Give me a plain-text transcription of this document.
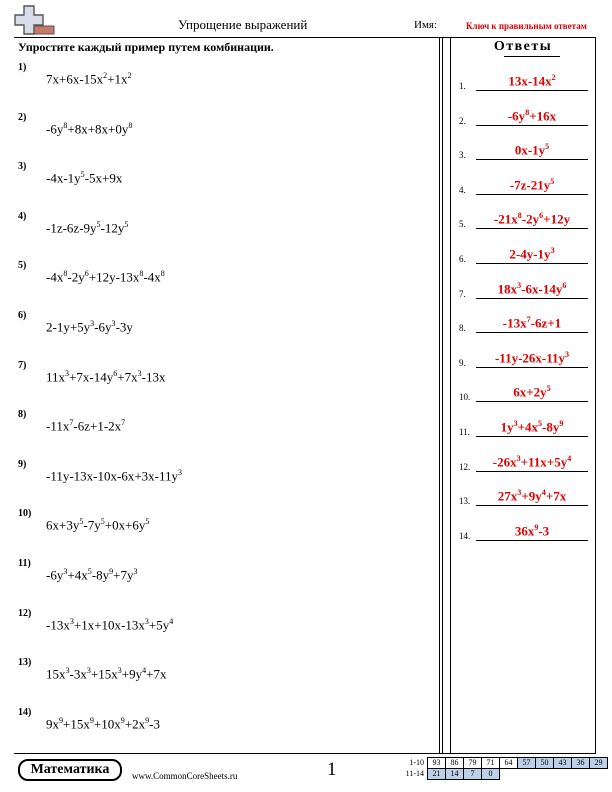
Упрощение выражений	Имя:	Ключ к правильным ответам
Упростите каждый пример путем комбинации.	Ответы
1)
$7x+6x-15x^2+1x^2$
2)
$-6y^8+8x+8x+0y^8$
3)
$-4x-1y^5-5x+9x$
4)
$-1z-6z-9y^5-12y^5$
5)
$-4x^8-2y^6+12y-13x^8-4x^8$
6)
$2-1y+5y^3-6y^3-3y$
7)
$11x^3+7x-14y^6+7x^3-13x$
8)
$-11x^7-6z+1-2x^7$
9)
$-11y-13x-10x-6x+3x-11y^3$
10)
$6x+3y^5-7y^5+0x+6y^5$
11)
$-6y^3+4x^5-8y^9+7y^3$
12)
$-13x^3+1x+10x-13x^3+5y^4$
13)
$15x^3-3x^3+15x^3+9y^4+7x$
14)
$9x^9+15x^9+10x^9+2x^9-3$
1.	$13x-14x^2$
2.	$-6y^8+16x$
3.	$0x-1y^5$
4.	$-7z-21y^5$
5.	$-21x^8-2y^6+12y$
6.	$2-4y-1y^3$
7.	$18x^3-6x-14y^6$
8.	$-13x^7-6z+1$
9.	$-11y-26x-11y^3$
10.	$6x+2y^5$
11.	$1y^3+4x^5-8y^9$
12.	$-26x^3+11x+5y^4$
13.	$27x^3+9y^4+7x$
14.	$36x^9-3$
Математика	www.CommonCoreSheets.ru	1	1-10	93	86	79	71	64	57	50	43	36	29
11-14	21	14	7	0						
